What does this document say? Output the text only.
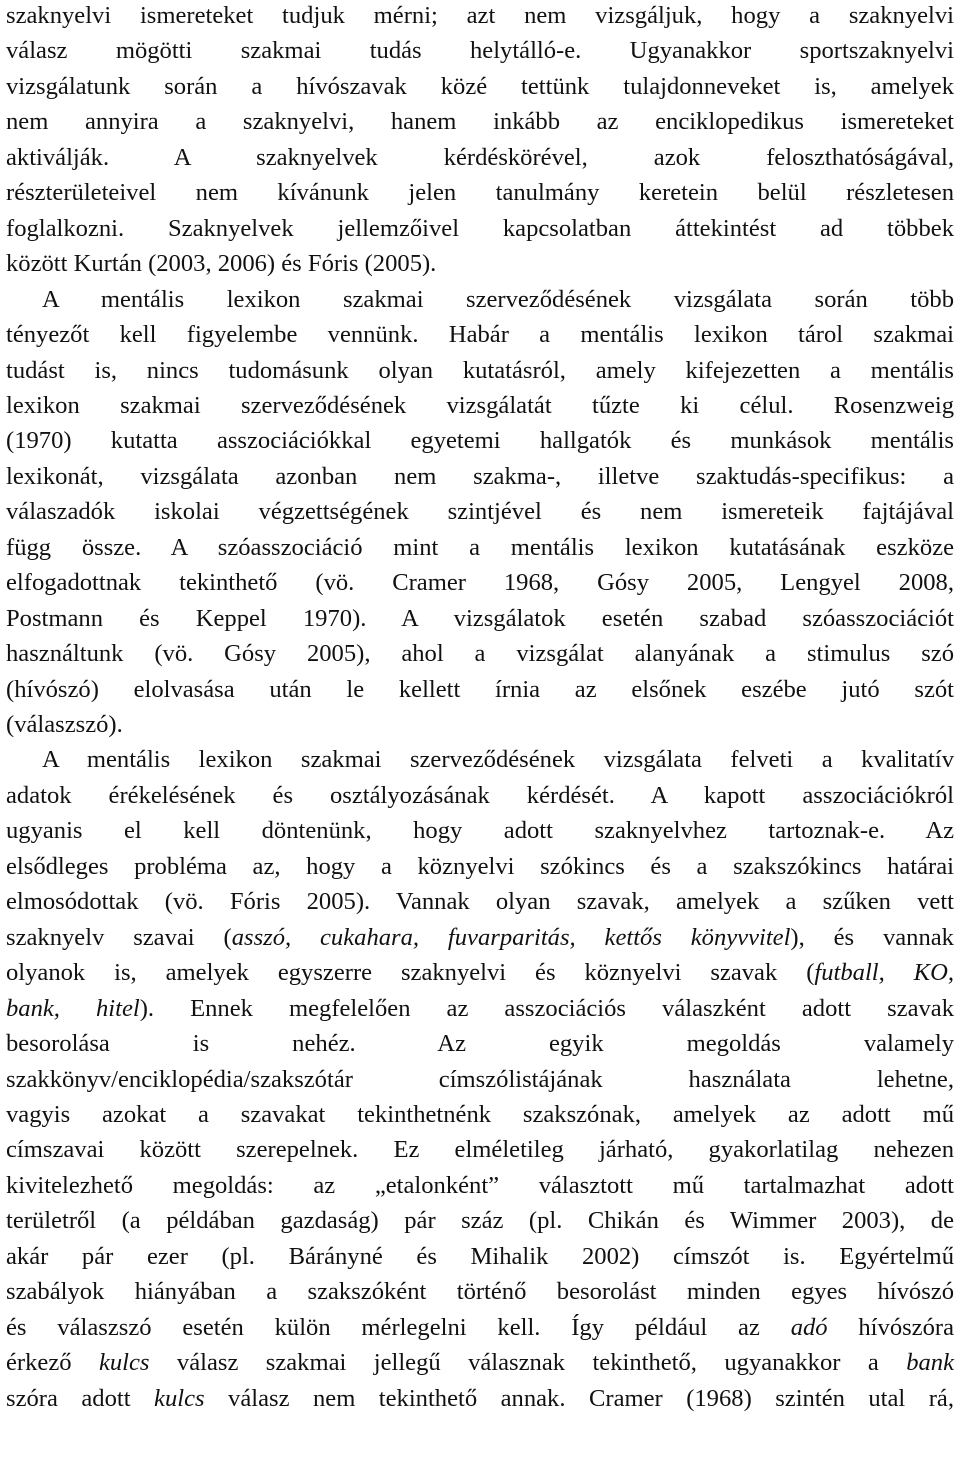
szaknyelvi ismereteket tudjuk mérni; azt nem vizsgáljuk, hogy a szaknyelvi
válasz mögötti szakmai tudás helytálló-e. Ugyanakkor sportszaknyelvi
vizsgálatunk során a hívószavak közé tettünk tulajdonneveket is, amelyek
nem annyira a szaknyelvi, hanem inkább az enciklopedikus ismereteket
aktiválják. A szaknyelvek kérdéskörével, azok feloszthatóságával,
részterületeivel nem kívánunk jelen tanulmány keretein belül részletesen
foglalkozni. Szaknyelvek jellemzőivel kapcsolatban áttekintést ad többek
között Kurtán (2003, 2006) és Fóris (2005).
A mentális lexikon szakmai szerveződésének vizsgálata során több
tényezőt kell figyelembe vennünk. Habár a mentális lexikon tárol szakmai
tudást is, nincs tudomásunk olyan kutatásról, amely kifejezetten a mentális
lexikon szakmai szerveződésének vizsgálatát tűzte ki célul. Rosenzweig
(1970) kutatta asszociációkkal egyetemi hallgatók és munkások mentális
lexikonát, vizsgálata azonban nem szakma-, illetve szaktudás-specifikus: a
válaszadók iskolai végzettségének szintjével és nem ismereteik fajtájával
függ össze. A szóasszociáció mint a mentális lexikon kutatásának eszköze
elfogadottnak tekinthető (vö. Cramer 1968, Gósy 2005, Lengyel 2008,
Postmann és Keppel 1970). A vizsgálatok esetén szabad szóasszociációt
használtunk (vö. Gósy 2005), ahol a vizsgálat alanyának a stimulus szó
(hívószó) elolvasása után le kellett írnia az elsőnek eszébe jutó szót
(válaszszó).
A mentális lexikon szakmai szerveződésének vizsgálata felveti a kvalitatív
adatok érékelésének és osztályozásának kérdését. A kapott asszociációkról
ugyanis el kell döntenünk, hogy adott szaknyelvhez tartoznak-e. Az
elsődleges probléma az, hogy a köznyelvi szókincs és a szakszókincs határai
elmosódottak (vö. Fóris 2005). Vannak olyan szavak, amelyek a szűken vett
szaknyelv szavai (asszó, cukahara, fuvarparitás, kettős könyvvitel), és vannak
olyanok is, amelyek egyszerre szaknyelvi és köznyelvi szavak (futball, KO,
bank, hitel). Ennek megfelelően az asszociációs válaszként adott szavak
besorolása is nehéz. Az egyik megoldás valamely
szakkönyv/enciklopédia/szakszótár címszólistájának használata lehetne,
vagyis azokat a szavakat tekinthetnénk szakszónak, amelyek az adott mű
címszavai között szerepelnek. Ez elméletileg járható, gyakorlatilag nehezen
kivitelezhető megoldás: az „etalonként” választott mű tartalmazhat adott
területről (a példában gazdaság) pár száz (pl. Chikán és Wimmer 2003), de
akár pár ezer (pl. Bárányné és Mihalik 2002) címszót is. Egyértelmű
szabályok hiányában a szakszóként történő besorolást minden egyes hívószó
és válaszszó esetén külön mérlegelni kell. Így például az adó hívószóra
érkező kulcs válasz szakmai jellegű válasznak tekinthető, ugyanakkor a bank
szóra adott kulcs válasz nem tekinthető annak. Cramer (1968) szintén utal rá,
